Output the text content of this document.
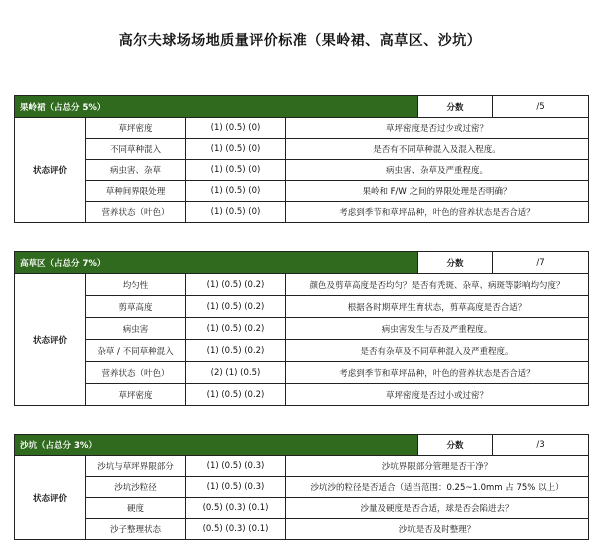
高尔夫球场场地质量评价标准（果岭裙、高草区、沙坑）
果岭裙（占总分 5%）				分数	/5
状态评价	草坪密度	(1) (0.5) (0)	草坪密度是否过少或过密？		
	不同草种混入	(1) (0.5) (0)	是否有不同草种混入及混入程度。		
	病虫害、杂草	(1) (0.5) (0)	病虫害、杂草及严重程度。		
	草种间界限处理	(1) (0.5) (0)	果岭和 F/W 之间的界限处理是否明确？		
	营养状态（叶色）	(1) (0.5) (0)	考虑到季节和草坪品种，叶色的营养状态是否合适？		
高草区（占总分 7%）				分数	/7
状态评价	均匀性	(1) (0.5) (0.2)	颜色及剪草高度是否均匀？是否有秃斑、杂草、病斑等影响均匀度？		
	剪草高度	(1) (0.5) (0.2)	根据各时期草坪生育状态，剪草高度是否合适？		
	病虫害	(1) (0.5) (0.2)	病虫害发生与否及严重程度。		
	杂草 / 不同草种混入	(1) (0.5) (0.2)	是否有杂草及不同草种混入及严重程度。		
	营养状态（叶色）	(2) (1) (0.5)	考虑到季节和草坪品种，叶色的营养状态是否合适？		
	草坪密度	(1) (0.5) (0.2)	草坪密度是否过小或过密？		
沙坑（占总分 3%）				分数	/3
状态评价	沙坑与草坪界限部分	(1) (0.5) (0.3)	沙坑界限部分管理是否干净？		
	沙坑沙粒径	(1) (0.5) (0.3)	沙坑沙的粒径是否适合（适当范围：0.25~1.0mm 占 75% 以上）		
	硬度	(0.5) (0.3) (0.1)	沙量及硬度是否合适，球是否会陷进去？		
	沙子整理状态	(0.5) (0.3) (0.1)	沙坑是否及时整理？		
